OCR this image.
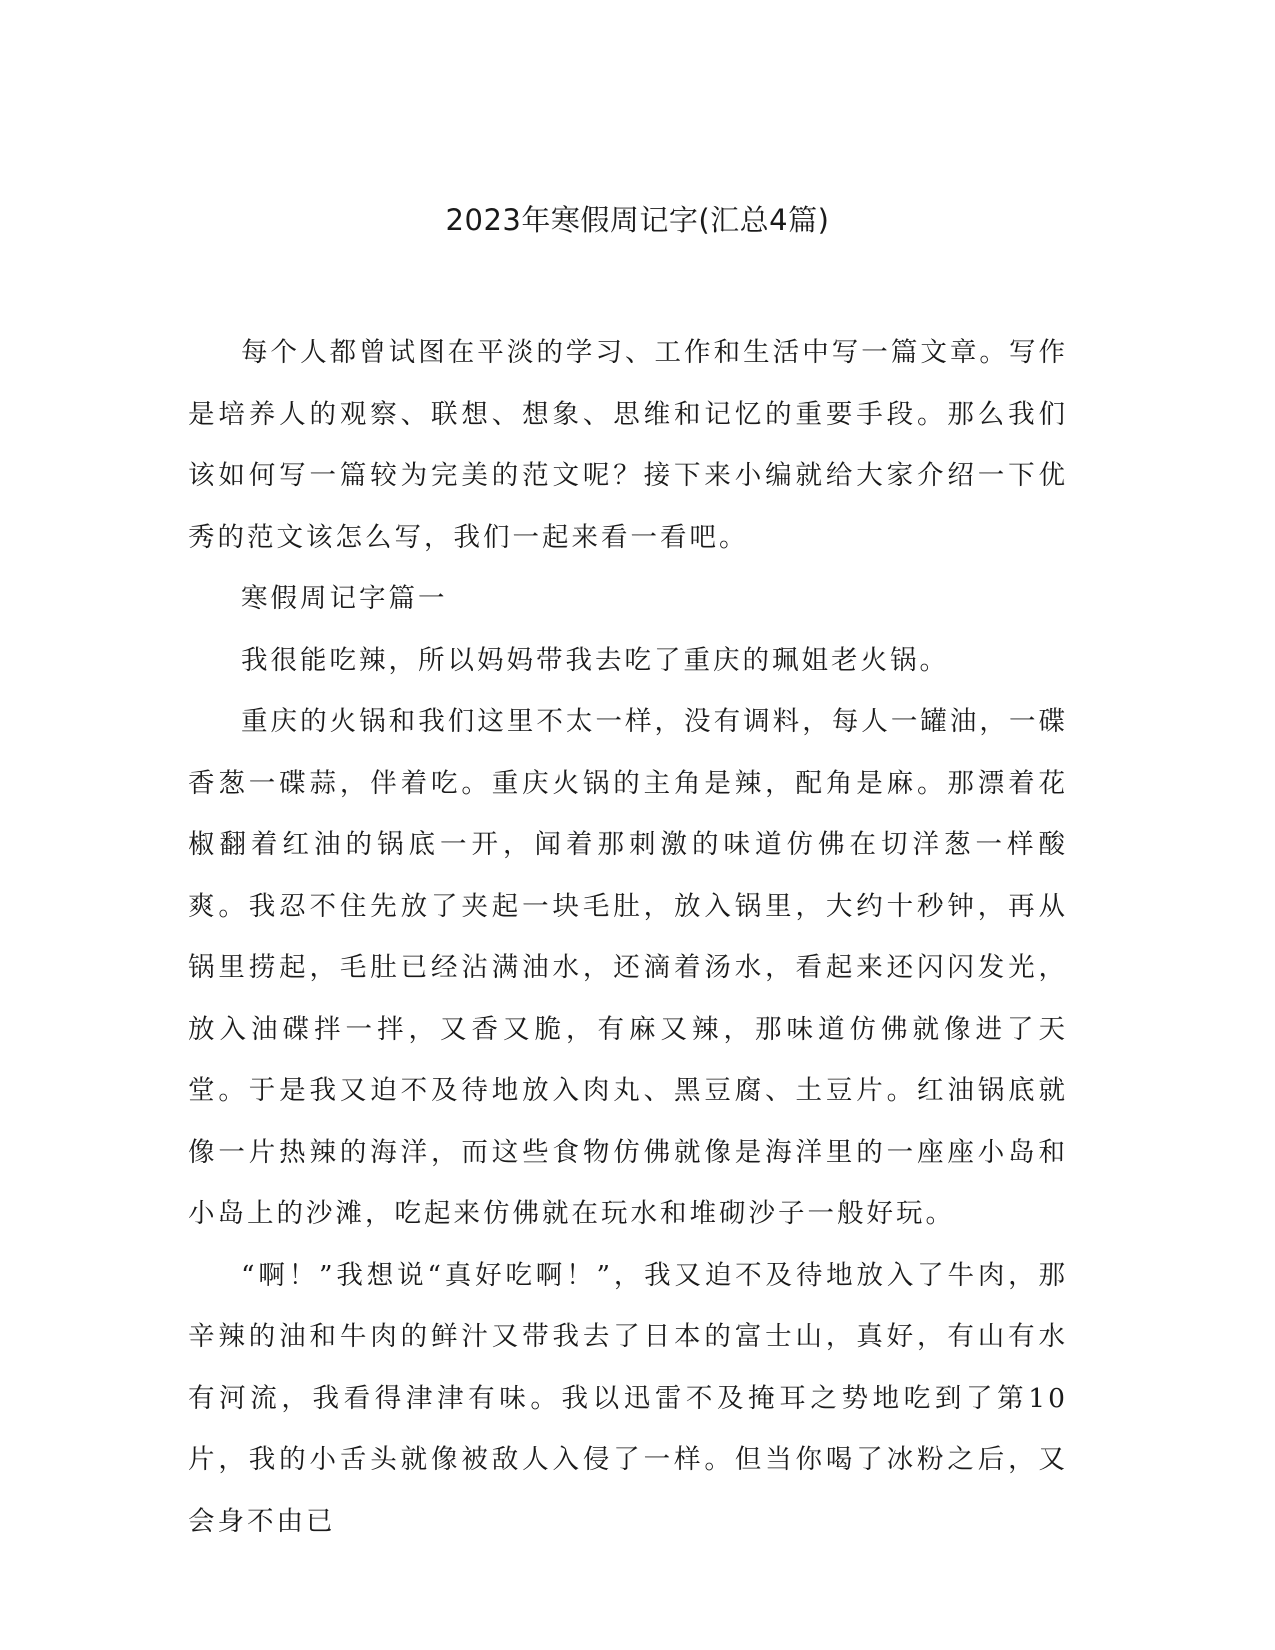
2023年寒假周记字(汇总4篇)

每个人都曾试图在平淡的学习、工作和生活中写一篇文章。写作是培养人的观察、联想、想象、思维和记忆的重要手段。那么我们该如何写一篇较为完美的范文呢？接下来小编就给大家介绍一下优秀的范文该怎么写，我们一起来看一看吧。

寒假周记字篇一

我很能吃辣，所以妈妈带我去吃了重庆的珮姐老火锅。

重庆的火锅和我们这里不太一样，没有调料，每人一罐油，一碟香葱一碟蒜，伴着吃。重庆火锅的主角是辣，配角是麻。那漂着花椒翻着红油的锅底一开，闻着那刺激的味道仿佛在切洋葱一样酸爽。我忍不住先放了夹起一块毛肚，放入锅里，大约十秒钟，再从锅里捞起，毛肚已经沾满油水，还滴着汤水，看起来还闪闪发光，放入油碟拌一拌，又香又脆，有麻又辣，那味道仿佛就像进了天堂。于是我又迫不及待地放入肉丸、黑豆腐、土豆片。红油锅底就像一片热辣的海洋，而这些食物仿佛就像是海洋里的一座座小岛和小岛上的沙滩，吃起来仿佛就在玩水和堆砌沙子一般好玩。

“啊！”我想说“真好吃啊！”，我又迫不及待地放入了牛肉，那辛辣的油和牛肉的鲜汁又带我去了日本的富士山，真好，有山有水有河流，我看得津津有味。我以迅雷不及掩耳之势地吃到了第10片，我的小舌头就像被敌人入侵了一样。但当你喝了冰粉之后，又会身不由已
